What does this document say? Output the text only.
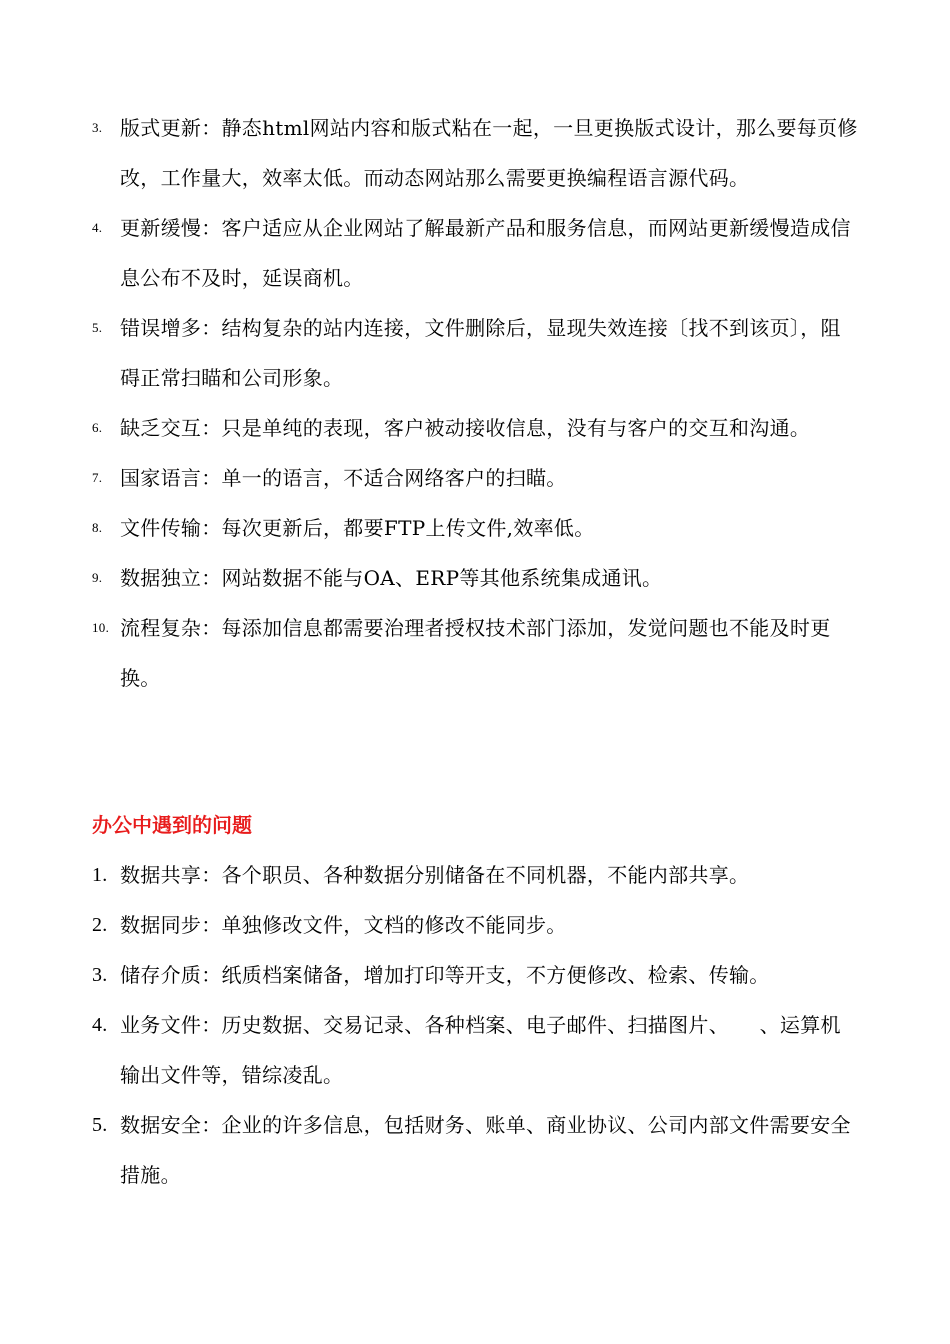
3. 版式更新：静态html网站内容和版式粘在一起，一旦更换版式设计，那么要每页修改，工作量大，效率太低。而动态网站那么需要更换编程语言源代码。
4. 更新缓慢：客户适应从企业网站了解最新产品和服务信息，而网站更新缓慢造成信息公布不及时，延误商机。
5. 错误增多：结构复杂的站内连接，文件删除后，显现失效连接〔找不到该页〕，阻碍正常扫瞄和公司形象。
6. 缺乏交互：只是单纯的表现，客户被动接收信息，没有与客户的交互和沟通。
7. 国家语言：单一的语言，不适合网络客户的扫瞄。
8. 文件传输：每次更新后，都要FTP上传文件,效率低。
9. 数据独立：网站数据不能与OA、ERP等其他系统集成通讯。
10. 流程复杂：每添加信息都需要治理者授权技术部门添加，发觉问题也不能及时更换。
办公中遇到的问题
1. 数据共享：各个职员、各种数据分别储备在不同机器，不能内部共享。
2. 数据同步：单独修改文件，文档的修改不能同步。
3. 储存介质：纸质档案储备，增加打印等开支，不方便修改、检索、传输。
4. 业务文件：历史数据、交易记录、各种档案、电子邮件、扫描图片、　　、运算机输出文件等，错综凌乱。
5. 数据安全：企业的许多信息，包括财务、账单、商业协议、公司内部文件需要安全措施。
